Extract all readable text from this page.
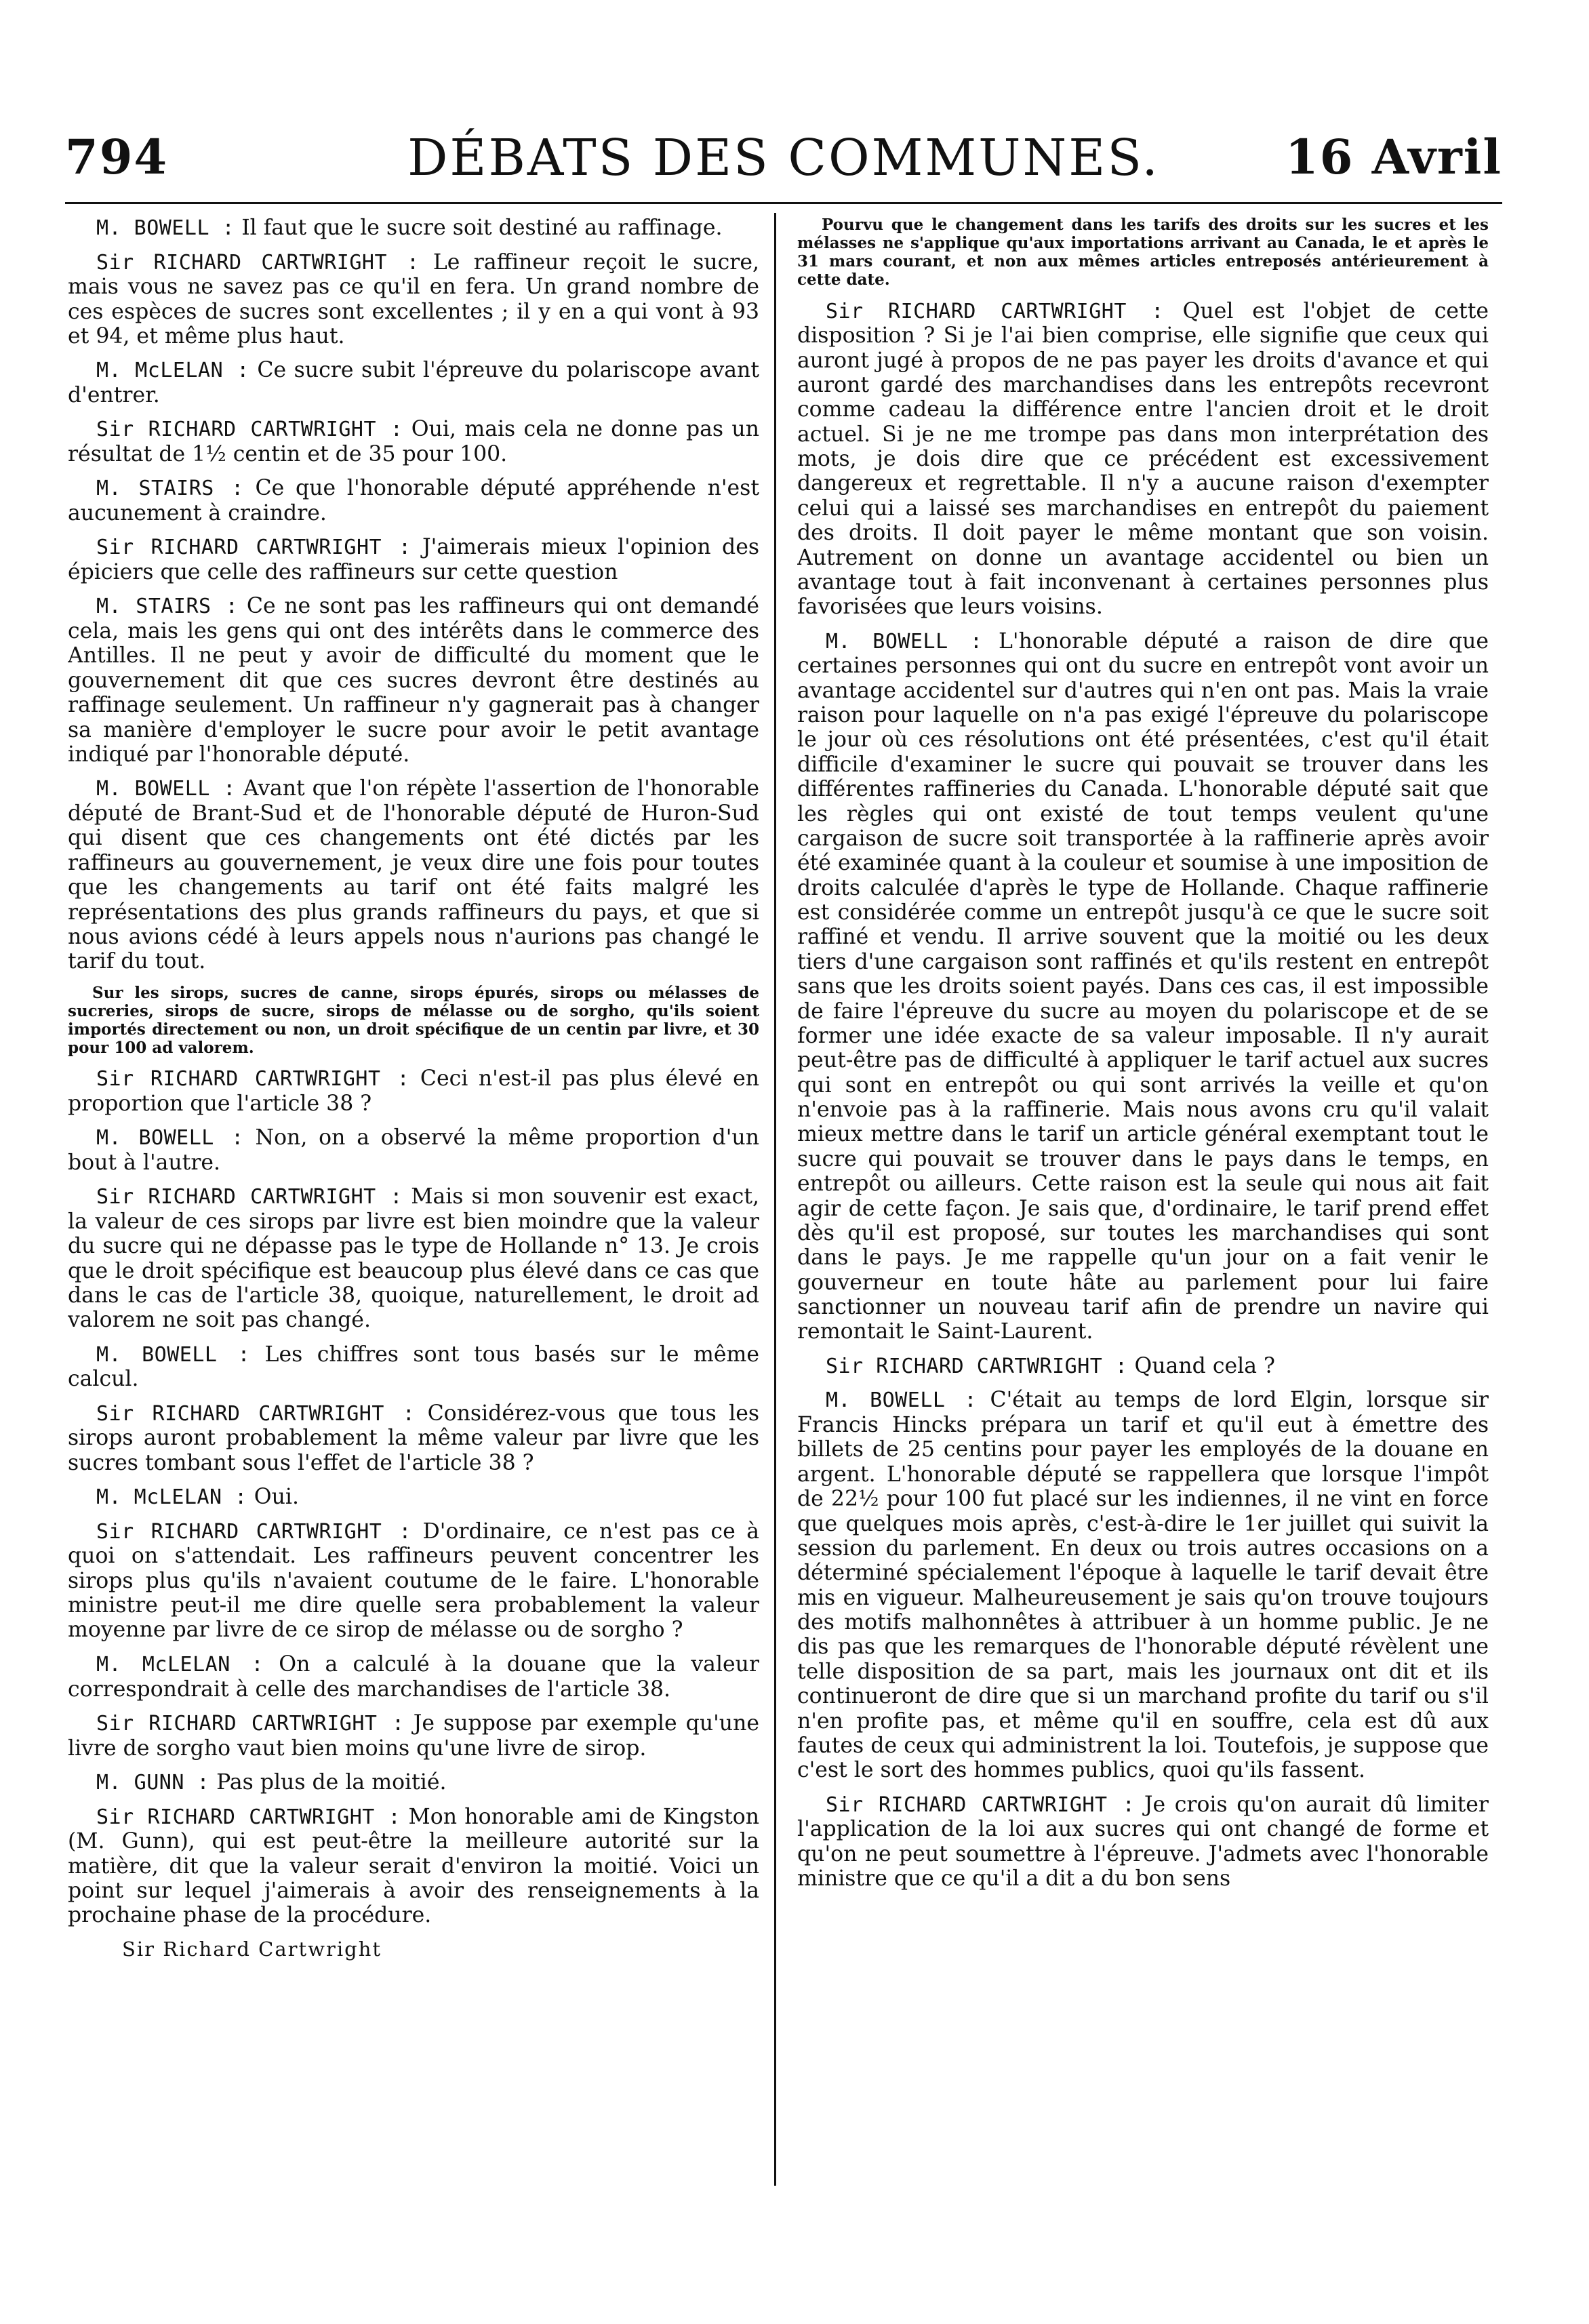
794	DÉBATS DES COMMUNES.	16 Avril

M. BOWELL : Il faut que le sucre soit destiné au raffinage.

Sir RICHARD CARTWRIGHT : Le raffineur reçoit le sucre, mais vous ne savez pas ce qu'il en fera. Un grand nombre de ces espèces de sucres sont excellentes ; il y en a qui vont à 93 et 94, et même plus haut.

M. McLELAN : Ce sucre subit l'épreuve du polariscope avant d'entrer.

Sir RICHARD CARTWRIGHT : Oui, mais cela ne donne pas un résultat de 1½ centin et de 35 pour 100.

M. STAIRS : Ce que l'honorable député appréhende n'est aucunement à craindre.

Sir RICHARD CARTWRIGHT : J'aimerais mieux l'opinion des épiciers que celle des raffineurs sur cette question

M. STAIRS : Ce ne sont pas les raffineurs qui ont demandé cela, mais les gens qui ont des intérêts dans le commerce des Antilles. Il ne peut y avoir de difficulté du moment que le gouvernement dit que ces sucres devront être destinés au raffinage seulement. Un raffineur n'y gagnerait pas à changer sa manière d'employer le sucre pour avoir le petit avantage indiqué par l'honorable député.

M. BOWELL : Avant que l'on répète l'assertion de l'honorable député de Brant-Sud et de l'honorable député de Huron-Sud qui disent que ces changements ont été dictés par les raffineurs au gouvernement, je veux dire une fois pour toutes que les changements au tarif ont été faits malgré les représentations des plus grands raffineurs du pays, et que si nous avions cédé à leurs appels nous n'aurions pas changé le tarif du tout.

Sur les sirops, sucres de canne, sirops épurés, sirops ou mélasses de sucreries, sirops de sucre, sirops de mélasse ou de sorgho, qu'ils soient importés directement ou non, un droit spécifique de un centin par livre, et 30 pour 100 ad valorem.

Sir RICHARD CARTWRIGHT : Ceci n'est-il pas plus élevé en proportion que l'article 38 ?

M. BOWELL : Non, on a observé la même proportion d'un bout à l'autre.

Sir RICHARD CARTWRIGHT : Mais si mon souvenir est exact, la valeur de ces sirops par livre est bien moindre que la valeur du sucre qui ne dépasse pas le type de Hollande n° 13. Je crois que le droit spécifique est beaucoup plus élevé dans ce cas que dans le cas de l'article 38, quoique, naturellement, le droit ad valorem ne soit pas changé.

M. BOWELL : Les chiffres sont tous basés sur le même calcul.

Sir RICHARD CARTWRIGHT : Considérez-vous que tous les sirops auront probablement la même valeur par livre que les sucres tombant sous l'effet de l'article 38 ?

M. McLELAN : Oui.

Sir RICHARD CARTWRIGHT : D'ordinaire, ce n'est pas ce à quoi on s'attendait. Les raffineurs peuvent concentrer les sirops plus qu'ils n'avaient coutume de le faire. L'honorable ministre peut-il me dire quelle sera probablement la valeur moyenne par livre de ce sirop de mélasse ou de sorgho ?

M. McLELAN : On a calculé à la douane que la valeur correspondrait à celle des marchandises de l'article 38.

Sir RICHARD CARTWRIGHT : Je suppose par exemple qu'une livre de sorgho vaut bien moins qu'une livre de sirop.

M. GUNN : Pas plus de la moitié.

Sir RICHARD CARTWRIGHT : Mon honorable ami de Kingston (M. Gunn), qui est peut-être la meilleure autorité sur la matière, dit que la valeur serait d'environ la moitié. Voici un point sur lequel j'aimerais à avoir des renseignements à la prochaine phase de la procédure.

Sir Richard Cartwright

Pourvu que le changement dans les tarifs des droits sur les sucres et les mélasses ne s'applique qu'aux importations arrivant au Canada, le et après le 31 mars courant, et non aux mêmes articles entreposés antérieurement à cette date.

Sir RICHARD CARTWRIGHT : Quel est l'objet de cette disposition ? Si je l'ai bien comprise, elle signifie que ceux qui auront jugé à propos de ne pas payer les droits d'avance et qui auront gardé des marchandises dans les entrepôts recevront comme cadeau la différence entre l'ancien droit et le droit actuel. Si je ne me trompe pas dans mon interprétation des mots, je dois dire que ce précédent est excessivement dangereux et regrettable. Il n'y a aucune raison d'exempter celui qui a laissé ses marchandises en entrepôt du paiement des droits. Il doit payer le même montant que son voisin. Autrement on donne un avantage accidentel ou bien un avantage tout à fait inconvenant à certaines personnes plus favorisées que leurs voisins.

M. BOWELL : L'honorable député a raison de dire que certaines personnes qui ont du sucre en entrepôt vont avoir un avantage accidentel sur d'autres qui n'en ont pas. Mais la vraie raison pour laquelle on n'a pas exigé l'épreuve du polariscope le jour où ces résolutions ont été présentées, c'est qu'il était difficile d'examiner le sucre qui pouvait se trouver dans les différentes raffineries du Canada. L'honorable député sait que les règles qui ont existé de tout temps veulent qu'une cargaison de sucre soit transportée à la raffinerie après avoir été examinée quant à la couleur et soumise à une imposition de droits calculée d'après le type de Hollande. Chaque raffinerie est considérée comme un entrepôt jusqu'à ce que le sucre soit raffiné et vendu. Il arrive souvent que la moitié ou les deux tiers d'une cargaison sont raffinés et qu'ils restent en entrepôt sans que les droits soient payés. Dans ces cas, il est impossible de faire l'épreuve du sucre au moyen du polariscope et de se former une idée exacte de sa valeur imposable. Il n'y aurait peut-être pas de difficulté à appliquer le tarif actuel aux sucres qui sont en entrepôt ou qui sont arrivés la veille et qu'on n'envoie pas à la raffinerie. Mais nous avons cru qu'il valait mieux mettre dans le tarif un article général exemptant tout le sucre qui pouvait se trouver dans le pays dans le temps, en entrepôt ou ailleurs. Cette raison est la seule qui nous ait fait agir de cette façon. Je sais que, d'ordinaire, le tarif prend effet dès qu'il est proposé, sur toutes les marchandises qui sont dans le pays. Je me rappelle qu'un jour on a fait venir le gouverneur en toute hâte au parlement pour lui faire sanctionner un nouveau tarif afin de prendre un navire qui remontait le Saint-Laurent.

Sir RICHARD CARTWRIGHT : Quand cela ?

M. BOWELL : C'était au temps de lord Elgin, lorsque sir Francis Hincks prépara un tarif et qu'il eut à émettre des billets de 25 centins pour payer les employés de la douane en argent. L'honorable député se rappellera que lorsque l'impôt de 22½ pour 100 fut placé sur les indiennes, il ne vint en force que quelques mois après, c'est-à-dire le 1er juillet qui suivit la session du parlement. En deux ou trois autres occasions on a déterminé spécialement l'époque à laquelle le tarif devait être mis en vigueur. Malheureusement je sais qu'on trouve toujours des motifs malhonnêtes à attribuer à un homme public. Je ne dis pas que les remarques de l'honorable député révèlent une telle disposition de sa part, mais les journaux ont dit et ils continueront de dire que si un marchand profite du tarif ou s'il n'en profite pas, et même qu'il en souffre, cela est dû aux fautes de ceux qui administrent la loi. Toutefois, je suppose que c'est le sort des hommes publics, quoi qu'ils fassent.

Sir RICHARD CARTWRIGHT : Je crois qu'on aurait dû limiter l'application de la loi aux sucres qui ont changé de forme et qu'on ne peut soumettre à l'épreuve. J'admets avec l'honorable ministre que ce qu'il a dit a du bon sens
